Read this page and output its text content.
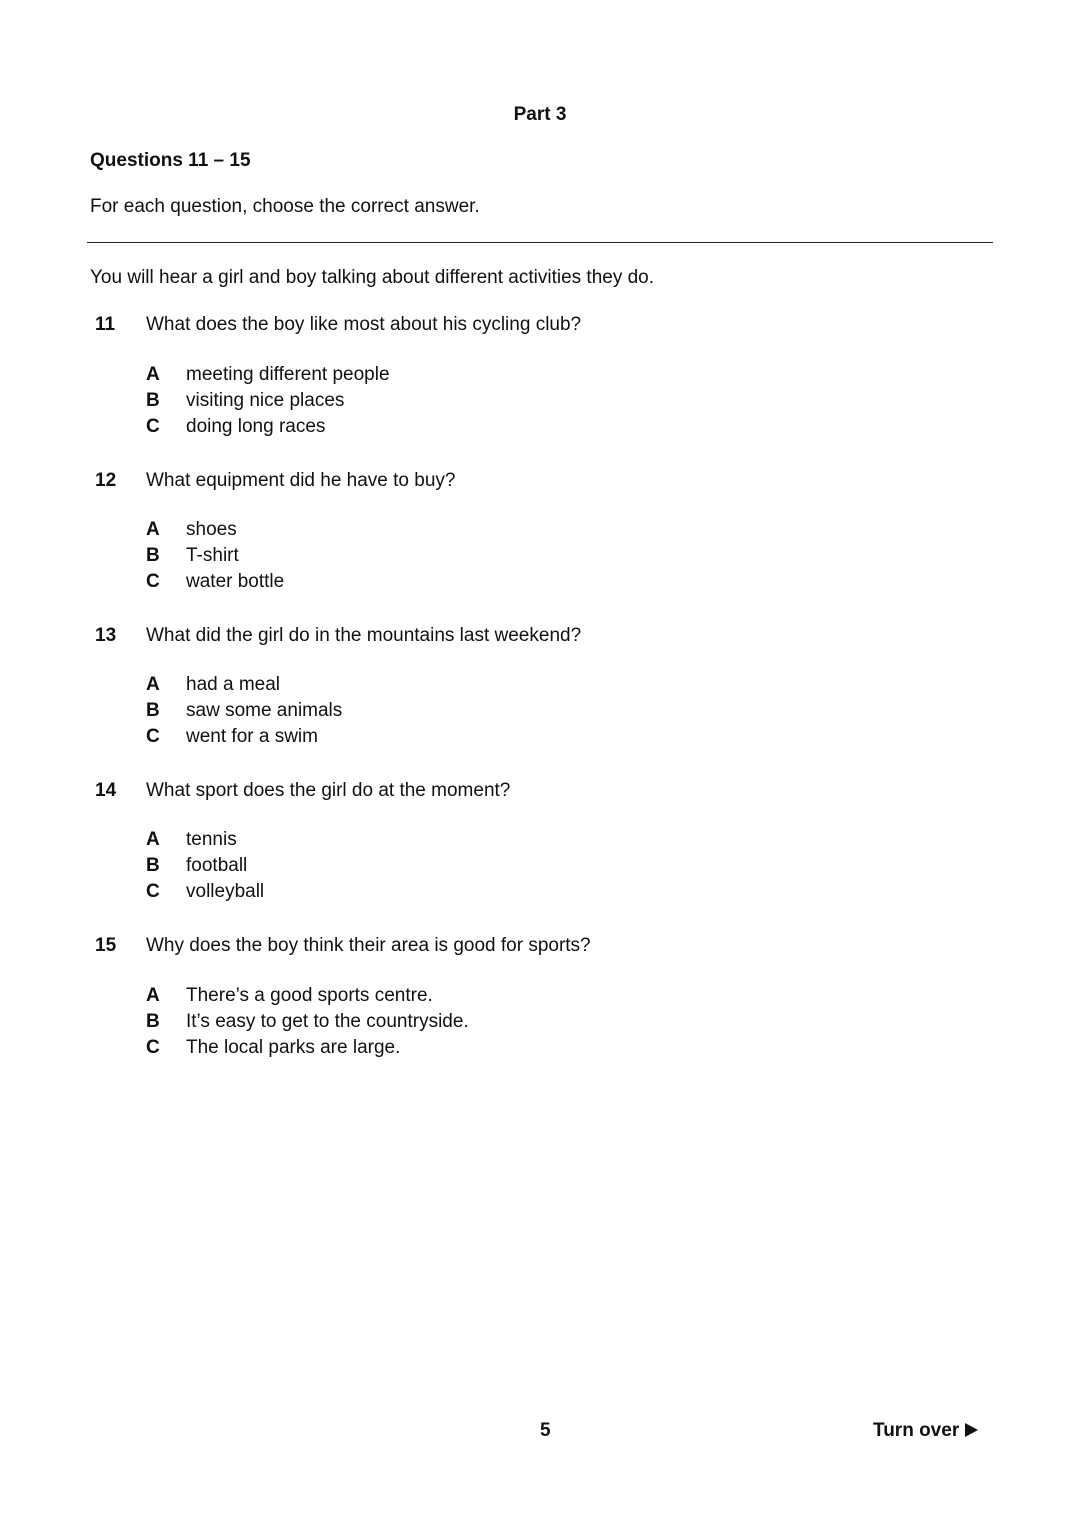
Part 3
Questions 11 – 15
For each question, choose the correct answer.
You will hear a girl and boy talking about different activities they do.
11 What does the boy like most about his cycling club?
A meeting different people
B visiting nice places
C doing long races
12 What equipment did he have to buy?
A shoes
B T-shirt
C water bottle
13 What did the girl do in the mountains last weekend?
A had a meal
B saw some animals
C went for a swim
14 What sport does the girl do at the moment?
A tennis
B football
C volleyball
15 Why does the boy think their area is good for sports?
A There’s a good sports centre.
B It’s easy to get to the countryside.
C The local parks are large.
5	Turn over
